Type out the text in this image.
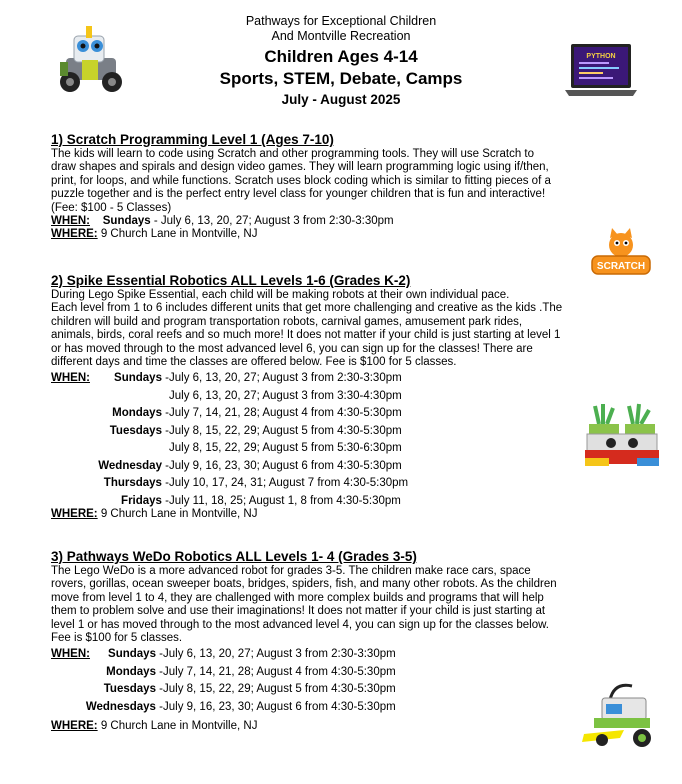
Pathways for Exceptional Children
And Montville Recreation
Children Ages 4-14
Sports, STEM, Debate, Camps
July - August 2025
PYTHON
1) Scratch Programming Level 1 (Ages 7-10)

The kids will learn to code using Scratch and other programming tools. They will use Scratch to

draw shapes and spirals and design video games. They will learn programming logic using if/then,

print, for loops, and while functions. Scratch uses block coding which is similar to fitting pieces of a

puzzle together and is the perfect entry level class for younger children that is fun and interactive!

(Fee: $100 - 5 Classes)

WHEN: Sundays - July 6, 13, 20, 27; August 3 from 2:30-3:30pm
WHERE: 9 Church Lane in Montville, NJ
SCRATCH
2) Spike Essential Robotics ALL Levels 1-6 (Grades K-2)

During Lego Spike Essential, each child will be making robots at their own individual pace.

Each level from 1 to 6 includes different units that get more challenging and creative as the kids .The

children will build and program transportation robots, carnival games, amusement park rides,

animals, birds, coral reefs and so much more! It does not matter if your child is just starting at level 1

or has moved through to the most advanced level 6, you can sign up for the classes! There are

different days and time the classes are offered below. Fee is $100 for 5 classes.

WHEN: Sundays -July 6, 13, 20, 27; August 3 from 2:30-3:30pm
July 6, 13, 20, 27; August 3 from 3:30-4:30pm
Mondays -July 7, 14, 21, 28; August 4 from 4:30-5:30pm
Tuesdays -July 8, 15, 22, 29; August 5 from 4:30-5:30pm
July 8, 15, 22, 29; August 5 from 5:30-6:30pm
Wednesday -July 9, 16, 23, 30; August 6 from 4:30-5:30pm
Thursdays -July 10, 17, 24, 31; August 7 from 4:30-5:30pm
Fridays -July 11, 18, 25; August 1, 8 from 4:30-5:30pm
WHERE: 9 Church Lane in Montville, NJ
3) Pathways WeDo Robotics ALL Levels 1- 4 (Grades 3-5)

The Lego WeDo is a more advanced robot for grades 3-5. The children make race cars, space

rovers, gorillas, ocean sweeper boats, bridges, spiders, fish, and many other robots. As the children

move from level 1 to 4, they are challenged with more complex builds and programs that will help

them to problem solve and use their imaginations! It does not matter if your child is just starting at

level 1 or has moved through to the most advanced level 4, you can sign up for the classes below.

Fee is $100 for 5 classes.

WHEN: Sundays -July 6, 13, 20, 27; August 3 from 2:30-3:30pm
Mondays -July 7, 14, 21, 28; August 4 from 4:30-5:30pm
Tuesdays -July 8, 15, 22, 29; August 5 from 4:30-5:30pm
Wednesdays -July 9, 16, 23, 30; August 6 from 4:30-5:30pm
WHERE: 9 Church Lane in Montville, NJ
